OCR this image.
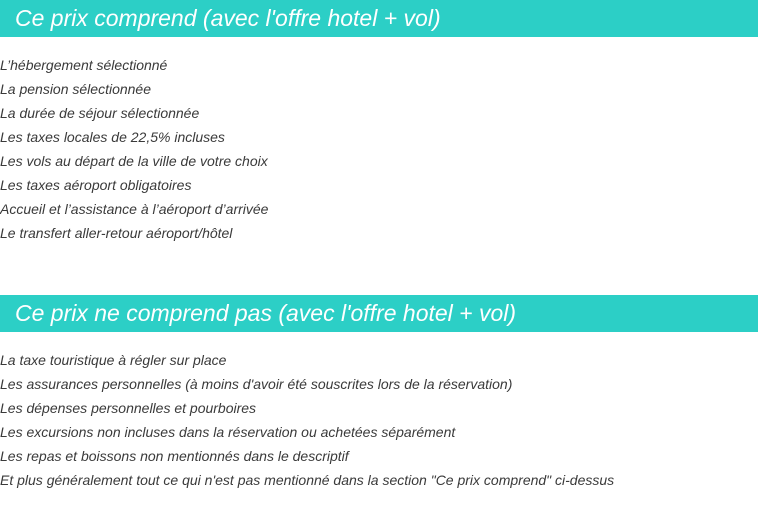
Ce prix comprend (avec l'offre hotel + vol)
L’hébergement sélectionné
La pension sélectionnée
La durée de séjour sélectionnée
Les taxes locales de 22,5% incluses
Les vols au départ de la ville de votre choix
Les taxes aéroport obligatoires
Accueil et l’assistance à l’aéroport d’arrivée
Le transfert aller-retour aéroport/hôtel
Ce prix ne comprend pas (avec l'offre hotel + vol)
La taxe touristique à régler sur place
Les assurances personnelles (à moins d'avoir été souscrites lors de la réservation)
Les dépenses personnelles et pourboires
Les excursions non incluses dans la réservation ou achetées séparément
Les repas et boissons non mentionnés dans le descriptif
Et plus généralement tout ce qui n'est pas mentionné dans la section "Ce prix comprend" ci-dessus
